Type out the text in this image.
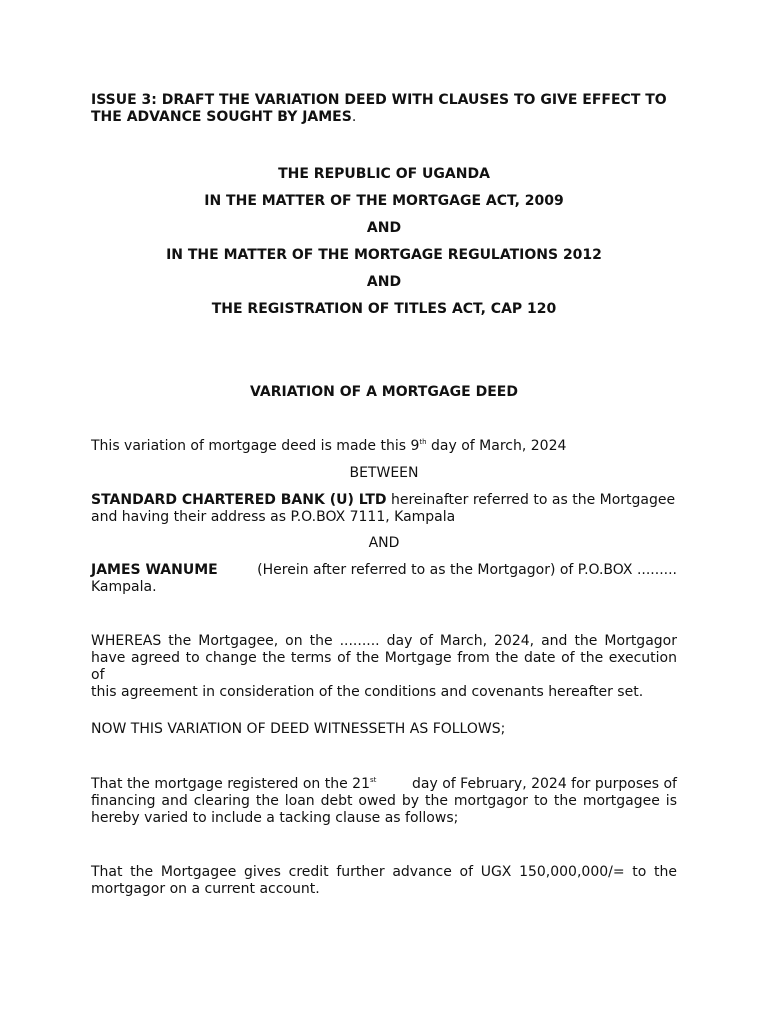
ISSUE 3: DRAFT THE VARIATION DEED WITH CLAUSES TO GIVE EFFECT TO
THE ADVANCE SOUGHT BY JAMES.

THE REPUBLIC OF UGANDA

IN THE MATTER OF THE MORTGAGE ACT, 2009

AND

IN THE MATTER OF THE MORTGAGE REGULATIONS 2012

AND

THE REGISTRATION OF TITLES ACT, CAP 120

VARIATION OF A MORTGAGE DEED

This variation of mortgage deed is made this 9th day of March, 2024

BETWEEN

STANDARD CHARTERED BANK (U) LTD hereinafter referred to as the Mortgagee
and having their address as P.O.BOX 7111, Kampala

AND

JAMES WANUME	(Herein after referred to as the Mortgagor) of P.O.BOX .........
Kampala.

WHEREAS the Mortgagee, on the ......... day of March, 2024, and the Mortgagor
have agreed to change the terms of the Mortgage from the date of the execution of
this agreement in consideration of the conditions and covenants hereafter set.

NOW THIS VARIATION OF DEED WITNESSETH AS FOLLOWS;

That the mortgage registered on the 21st	day of February, 2024 for purposes of
financing and clearing the loan debt owed by the mortgagor to the mortgagee is
hereby varied to include a tacking clause as follows;

That the Mortgagee gives credit further advance of UGX 150,000,000/= to the
mortgagor on a current account.
